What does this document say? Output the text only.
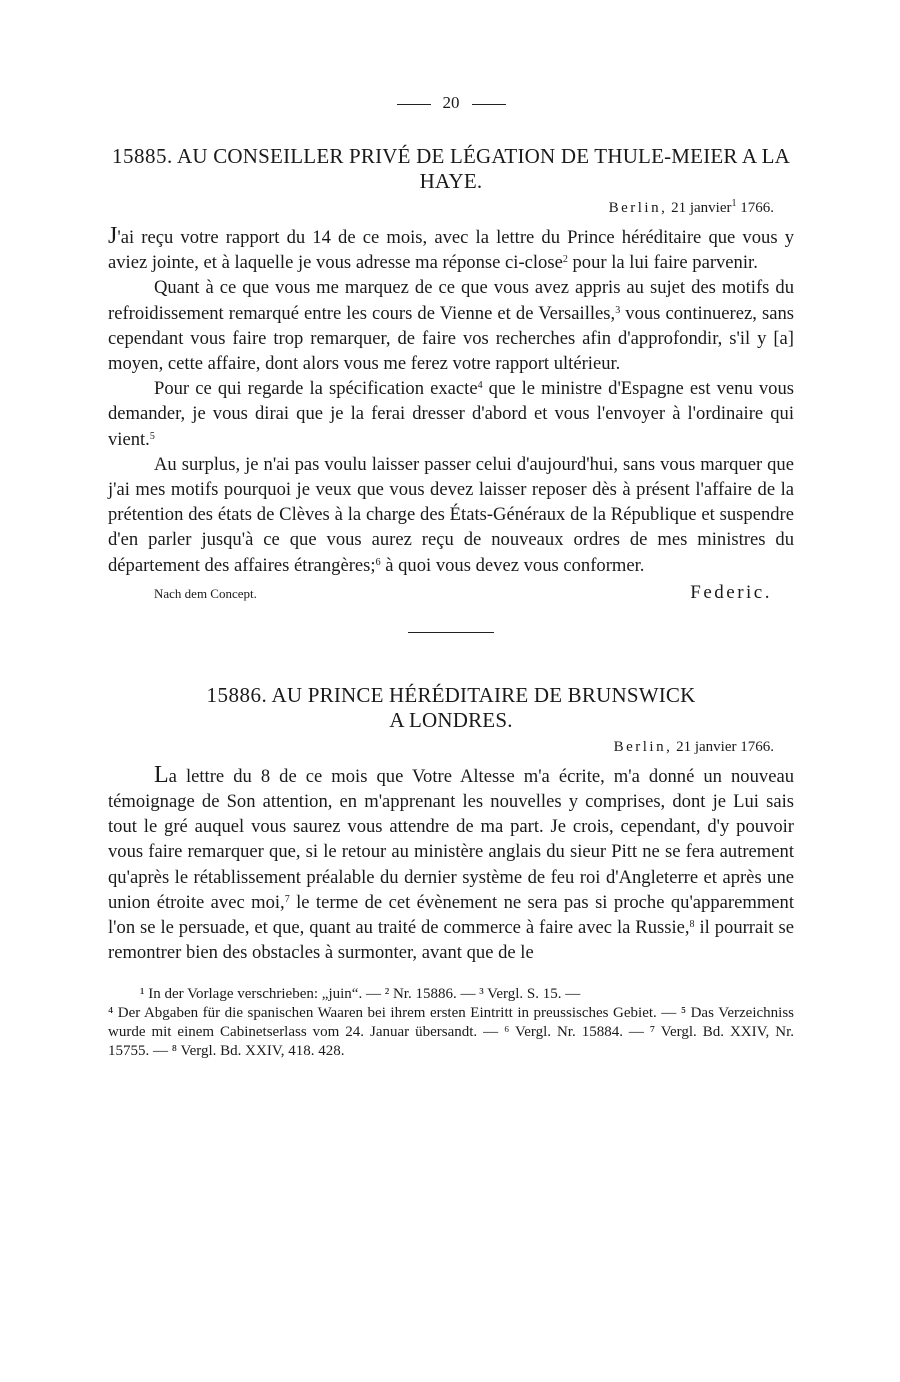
20
15885. AU CONSEILLER PRIVÉ DE LÉGATION DE THULE-MEIER A LA HAYE.
Berlin, 21 janvier$^1$ 1766.

J'ai reçu votre rapport du 14 de ce mois, avec la lettre du Prince héréditaire que vous y aviez jointe, et à laquelle je vous adresse ma réponse ci-close$^2$ pour la lui faire parvenir.

Quant à ce que vous me marquez de ce que vous avez appris au sujet des motifs du refroidissement remarqué entre les cours de Vienne et de Versailles,$^3$ vous continuerez, sans cependant vous faire trop remarquer, de faire vos recherches afin d'approfondir, s'il y [a] moyen, cette affaire, dont alors vous me ferez votre rapport ultérieur.

Pour ce qui regarde la spécification exacte$^4$ que le ministre d'Espagne est venu vous demander, je vous dirai que je la ferai dresser d'abord et vous l'envoyer à l'ordinaire qui vient.$^5$

Au surplus, je n'ai pas voulu laisser passer celui d'aujourd'hui, sans vous marquer que j'ai mes motifs pourquoi je veux que vous devez laisser reposer dès à présent l'affaire de la prétention des états de Clèves à la charge des États-Généraux de la République et suspendre d'en parler jusqu'à ce que vous aurez reçu de nouveaux ordres de mes ministres du département des affaires étrangères;$^6$ à quoi vous devez vous conformer.

Nach dem Concept.	Federic.
15886. AU PRINCE HÉRÉDITAIRE DE BRUNSWICK
A LONDRES.
Berlin, 21 janvier 1766.

La lettre du 8 de ce mois que Votre Altesse m'a écrite, m'a donné un nouveau témoignage de Son attention, en m'apprenant les nouvelles y comprises, dont je Lui sais tout le gré auquel vous saurez vous attendre de ma part. Je crois, cependant, d'y pouvoir vous faire remarquer que, si le retour au ministère anglais du sieur Pitt ne se fera autrement qu'après le rétablissement préalable du dernier système de feu roi d'Angleterre et après une union étroite avec moi,$^7$ le terme de cet évènement ne sera pas si proche qu'apparemment l'on se le persuade, et que, quant au traité de commerce à faire avec la Russie,$^8$ il pourrait se remontrer bien des obstacles à surmonter, avant que de le

¹ In der Vorlage verschrieben: „juin“. — ² Nr. 15886. — ³ Vergl. S. 15. —

⁴ Der Abgaben für die spanischen Waaren bei ihrem ersten Eintritt in preussisches Gebiet. — ⁵ Das Verzeichniss wurde mit einem Cabinetserlass vom 24. Januar übersandt. — ⁶ Vergl. Nr. 15884. — ⁷ Vergl. Bd. XXIV, Nr. 15755. — ⁸ Vergl. Bd. XXIV, 418. 428.
